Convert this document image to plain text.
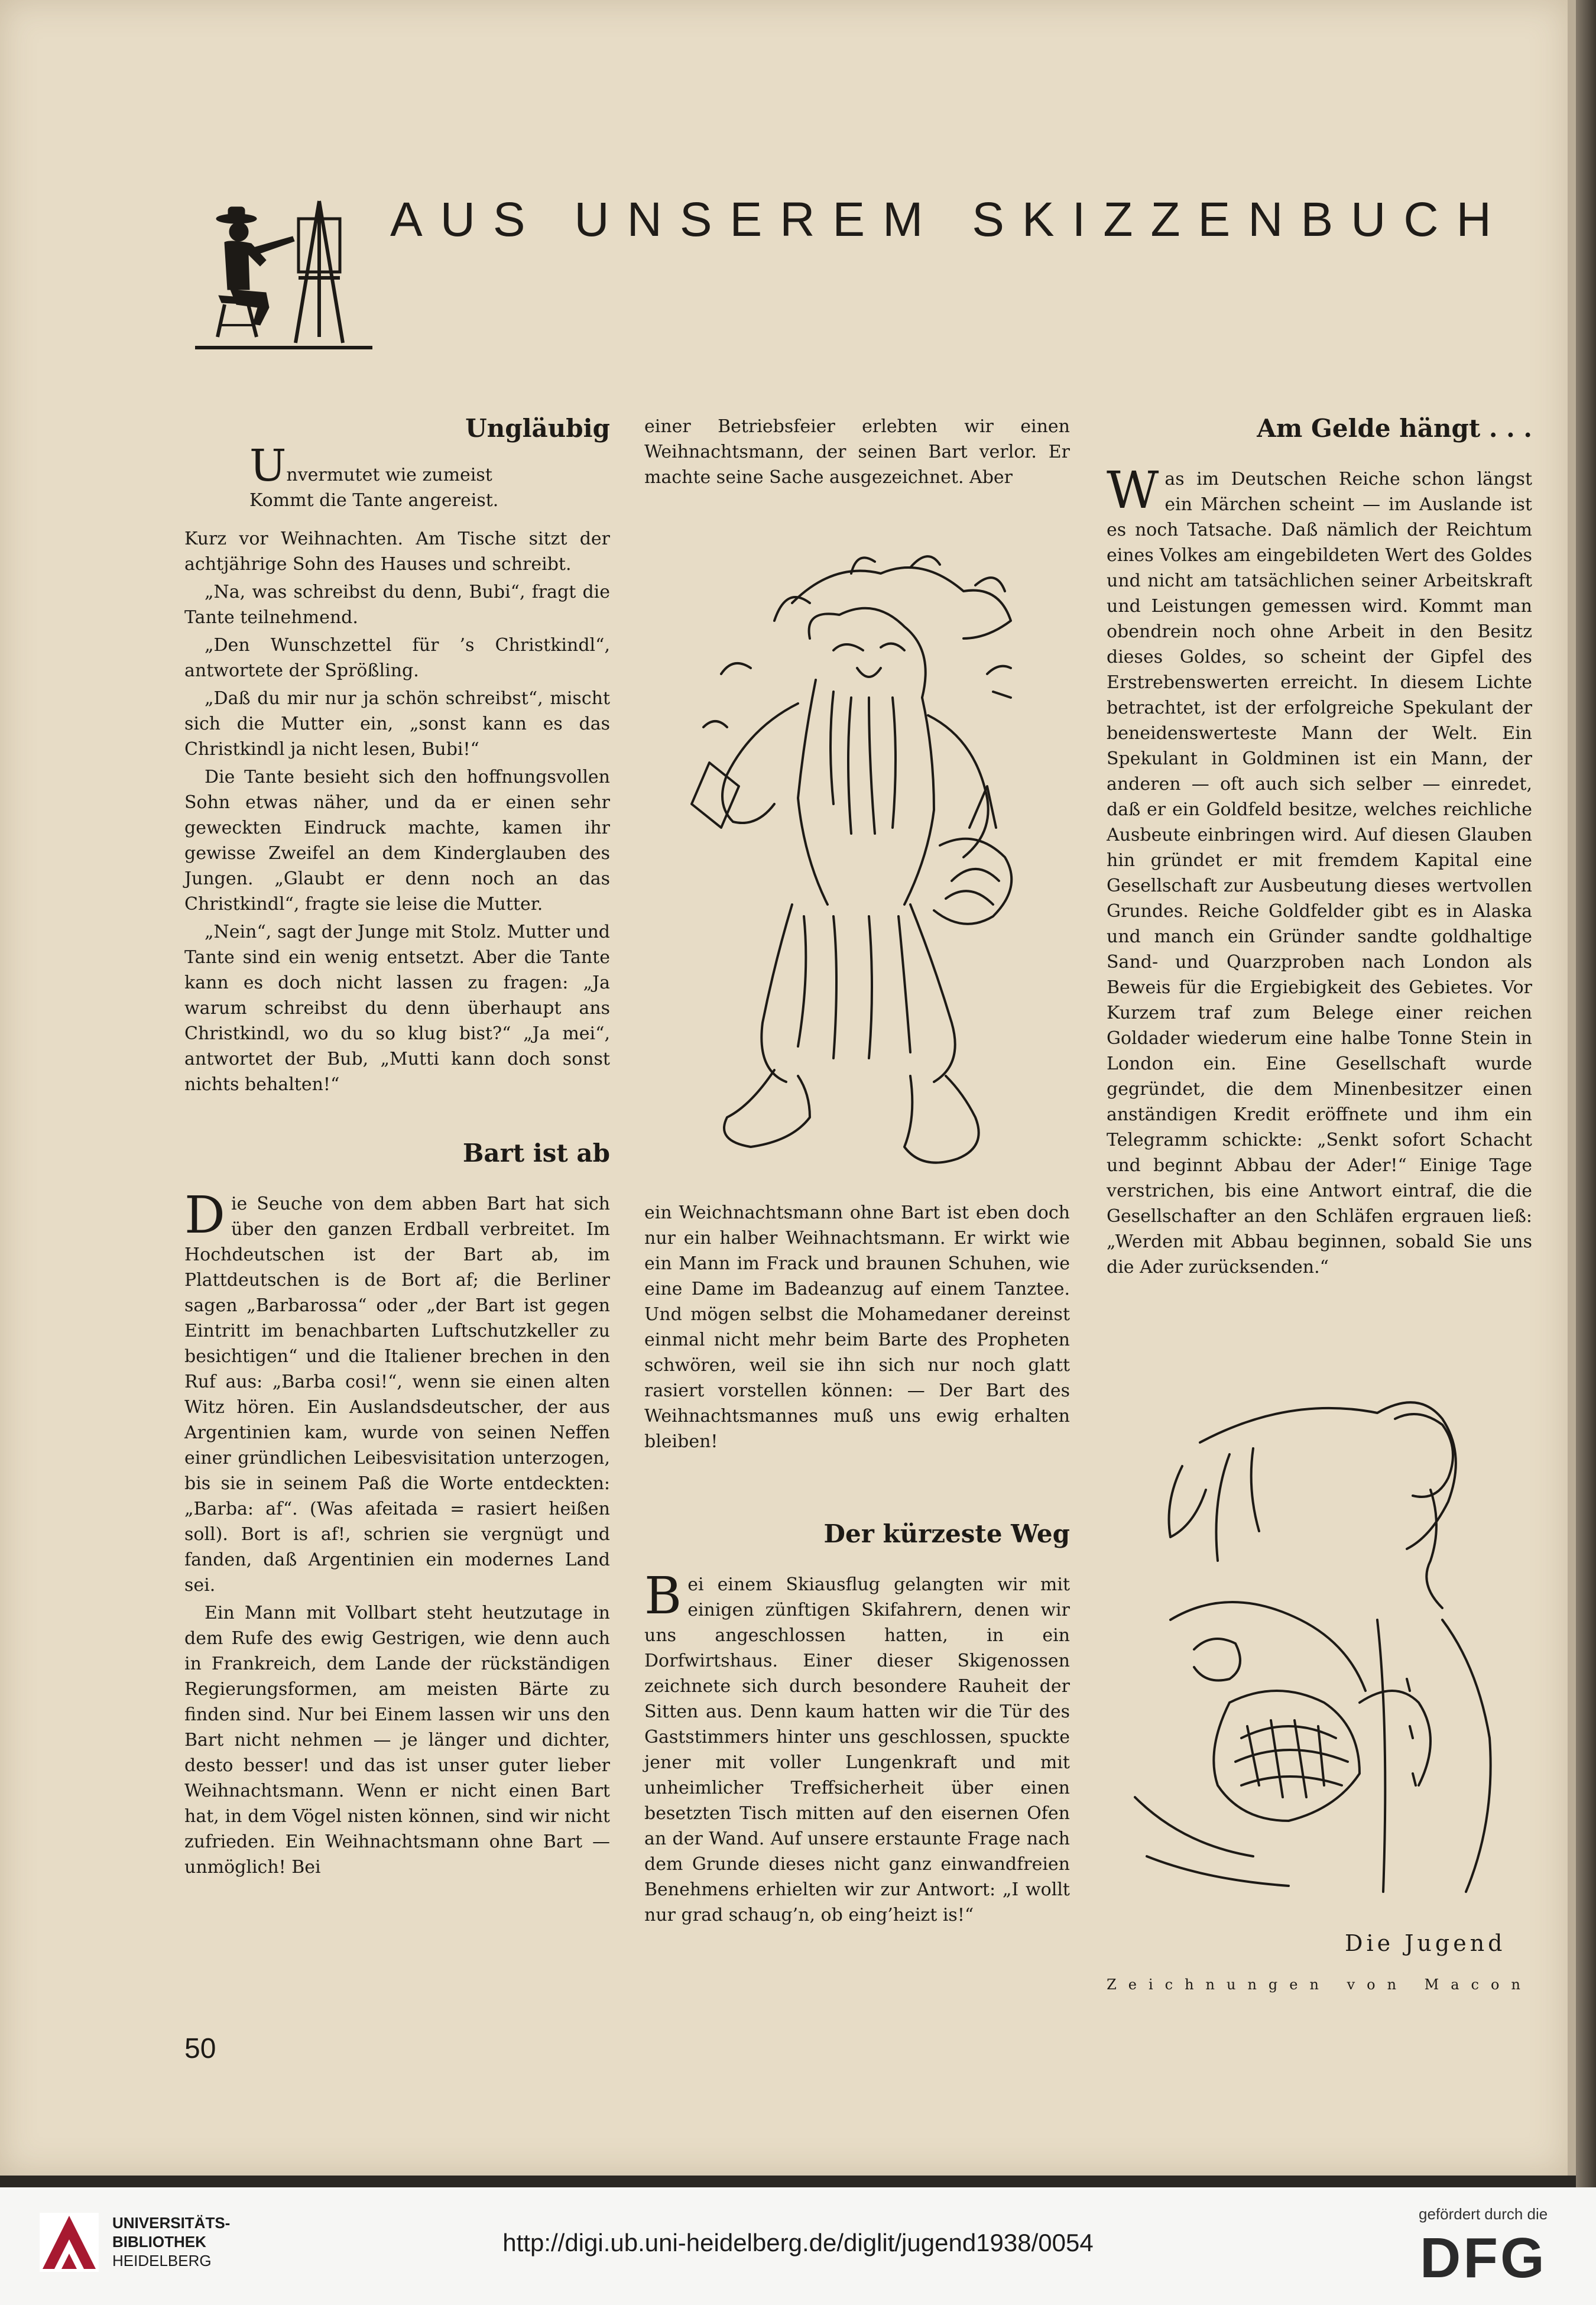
AUS UNSEREM SKIZZENBUCH
Ungläubig
Unvermutet wie zumeist
Kommt die Tante angereist.

Kurz vor Weihnachten. Am Tische sitzt der achtjährige Sohn des Hauses und schreibt.

„Na, was schreibst du denn, Bubi“, fragt die Tante teilnehmend.

„Den Wunschzettel für ’s Christkindl“, antwortete der Sprößling.

„Daß du mir nur ja schön schreibst“, mischt sich die Mutter ein, „sonst kann es das Christkindl ja nicht lesen, Bubi!“

Die Tante besieht sich den hoffnungsvollen Sohn etwas näher, und da er einen sehr geweckten Eindruck machte, kamen ihr gewisse Zweifel an dem Kinderglauben des Jungen. „Glaubt er denn noch an das Christkindl“, fragte sie leise die Mutter.

„Nein“, sagt der Junge mit Stolz. Mutter und Tante sind ein wenig entsetzt. Aber die Tante kann es doch nicht lassen zu fragen: „Ja warum schreibst du denn überhaupt ans Christkindl, wo du so klug bist?“ „Ja mei“, antwortet der Bub, „Mutti kann doch sonst nichts behalten!“

Bart ist ab

Die Seuche von dem abben Bart hat sich über den ganzen Erdball verbreitet. Im Hochdeutschen ist der Bart ab, im Plattdeutschen is de Bort af; die Berliner sagen „Barbarossa“ oder „der Bart ist gegen Eintritt im benachbarten Luftschutzkeller zu besichtigen“ und die Italiener brechen in den Ruf aus: „Barba cosi!“, wenn sie einen alten Witz hören. Ein Auslandsdeutscher, der aus Argentinien kam, wurde von seinen Neffen einer gründlichen Leibesvisitation unterzogen, bis sie in seinem Paß die Worte entdeckten: „Barba: af“. (Was afeitada = rasiert heißen soll). Bort is af!, schrien sie vergnügt und fanden, daß Argentinien ein modernes Land sei.

Ein Mann mit Vollbart steht heutzutage in dem Rufe des ewig Gestrigen, wie denn auch in Frankreich, dem Lande der rückständigen Regierungsformen, am meisten Bärte zu finden sind. Nur bei Einem lassen wir uns den Bart nicht nehmen — je länger und dichter, desto besser! und das ist unser guter lieber Weihnachtsmann. Wenn er nicht einen Bart hat, in dem Vögel nisten können, sind wir nicht zufrieden. Ein Weihnachtsmann ohne Bart — unmöglich! Bei

einer Betriebsfeier erlebten wir einen Weihnachtsmann, der seinen Bart verlor. Er machte seine Sache ausgezeichnet. Aber

ein Weichnachtsmann ohne Bart ist eben doch nur ein halber Weihnachtsmann. Er wirkt wie ein Mann im Frack und braunen Schuhen, wie eine Dame im Badeanzug auf einem Tanztee. Und mögen selbst die Mohamedaner dereinst einmal nicht mehr beim Barte des Propheten schwören, weil sie ihn sich nur noch glatt rasiert vorstellen können: — Der Bart des Weihnachtsmannes muß uns ewig erhalten bleiben!

Der kürzeste Weg

Bei einem Skiausflug gelangten wir mit einigen zünftigen Skifahrern, denen wir uns angeschlossen hatten, in ein Dorfwirtshaus. Einer dieser Skigenossen zeichnete sich durch besondere Rauheit der Sitten aus. Denn kaum hatten wir die Tür des Gaststimmers hinter uns geschlossen, spuckte jener mit voller Lungenkraft und mit unheimlicher Treffsicherheit über einen besetzten Tisch mitten auf den eisernen Ofen an der Wand. Auf unsere erstaunte Frage nach dem Grunde dieses nicht ganz einwandfreien Benehmens erhielten wir zur Antwort: „I wollt nur grad schaug’n, ob eing’heizt is!“

Am Gelde hängt . . .

Was im Deutschen Reiche schon längst ein Märchen scheint — im Auslande ist es noch Tatsache. Daß nämlich der Reichtum eines Volkes am eingebildeten Wert des Goldes und nicht am tatsächlichen seiner Arbeitskraft und Leistungen gemessen wird. Kommt man obendrein noch ohne Arbeit in den Besitz dieses Goldes, so scheint der Gipfel des Erstrebenswerten erreicht. In diesem Lichte betrachtet, ist der erfolgreiche Spekulant der beneidenswerteste Mann der Welt. Ein Spekulant in Goldminen ist ein Mann, der anderen — oft auch sich selber — einredet, daß er ein Goldfeld besitze, welches reichliche Ausbeute einbringen wird. Auf diesen Glauben hin gründet er mit fremdem Kapital eine Gesellschaft zur Ausbeutung dieses wertvollen Grundes. Reiche Goldfelder gibt es in Alaska und manch ein Gründer sandte goldhaltige Sand- und Quarzproben nach London als Beweis für die Ergiebigkeit des Gebietes. Vor Kurzem traf zum Belege einer reichen Goldader wiederum eine halbe Tonne Stein in London ein. Eine Gesellschaft wurde gegründet, die dem Minenbesitzer einen anständigen Kredit eröffnete und ihm ein Telegramm schickte: „Senkt sofort Schacht und beginnt Abbau der Ader!“ Einige Tage verstrichen, bis eine Antwort eintraf, die die Gesellschafter an den Schläfen ergrauen ließ: „Werden mit Abbau beginnen, sobald Sie uns die Ader zurücksenden.“

Die Jugend
Zeichnungen von Macon
50
UNIVERSITÄTS-
BIBLIOTHEK
HEIDELBERG
http://digi.ub.uni-heidelberg.de/diglit/jugend1938/0054
gefördert durch die
DFG
